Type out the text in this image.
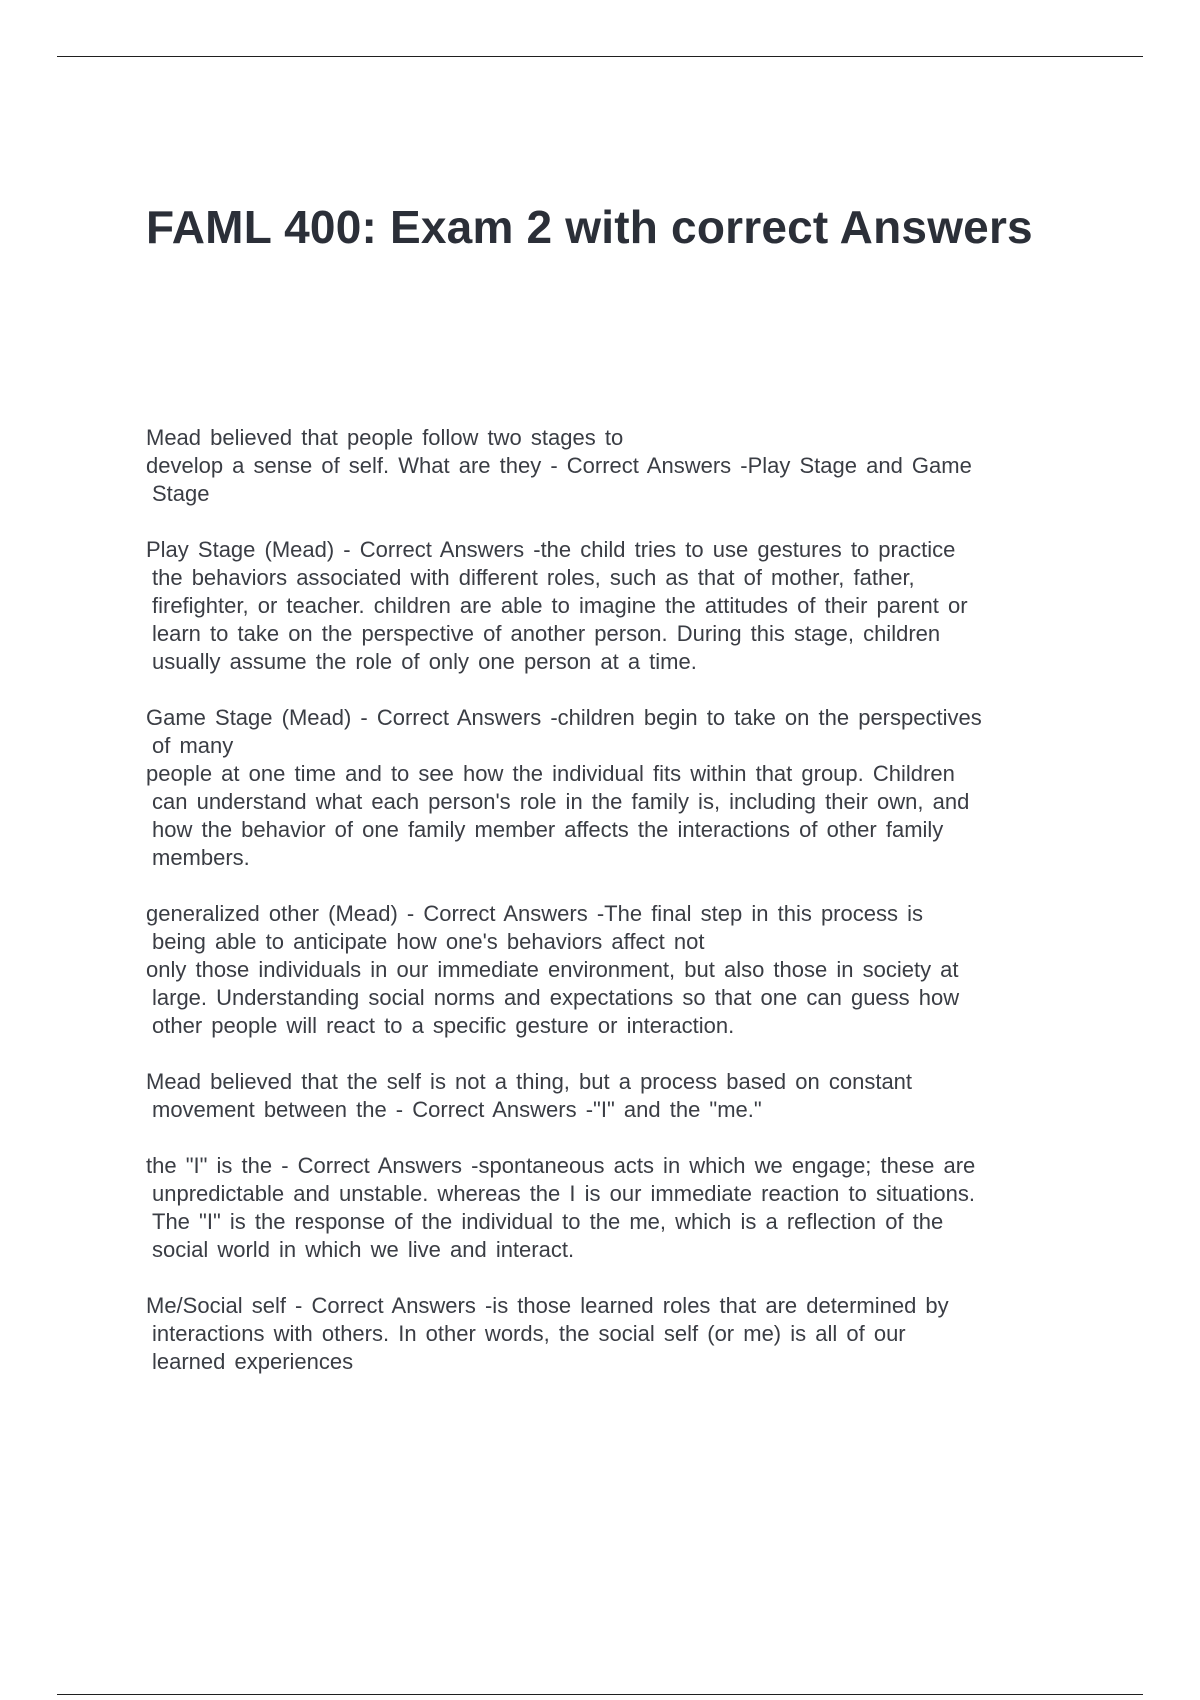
FAML 400: Exam 2 with correct Answers

Mead believed that people follow two stages to
develop a sense of self. What are they - Correct Answers -Play Stage and Game
Stage

Play Stage (Mead) - Correct Answers -the child tries to use gestures to practice
the behaviors associated with different roles, such as that of mother, father,
firefighter, or teacher. children are able to imagine the attitudes of their parent or
learn to take on the perspective of another person. During this stage, children
usually assume the role of only one person at a time.

Game Stage (Mead) - Correct Answers -children begin to take on the perspectives
of many
people at one time and to see how the individual fits within that group. Children
can understand what each person's role in the family is, including their own, and
how the behavior of one family member affects the interactions of other family
members.

generalized other (Mead) - Correct Answers -The final step in this process is
being able to anticipate how one's behaviors affect not
only those individuals in our immediate environment, but also those in society at
large. Understanding social norms and expectations so that one can guess how
other people will react to a specific gesture or interaction.

Mead believed that the self is not a thing, but a process based on constant
movement between the - Correct Answers -"I" and the "me."

the "I" is the - Correct Answers -spontaneous acts in which we engage; these are
unpredictable and unstable. whereas the I is our immediate reaction to situations.
The "I" is the response of the individual to the me, which is a reflection of the
social world in which we live and interact.

Me/Social self - Correct Answers -is those learned roles that are determined by
interactions with others. In other words, the social self (or me) is all of our
learned experiences
